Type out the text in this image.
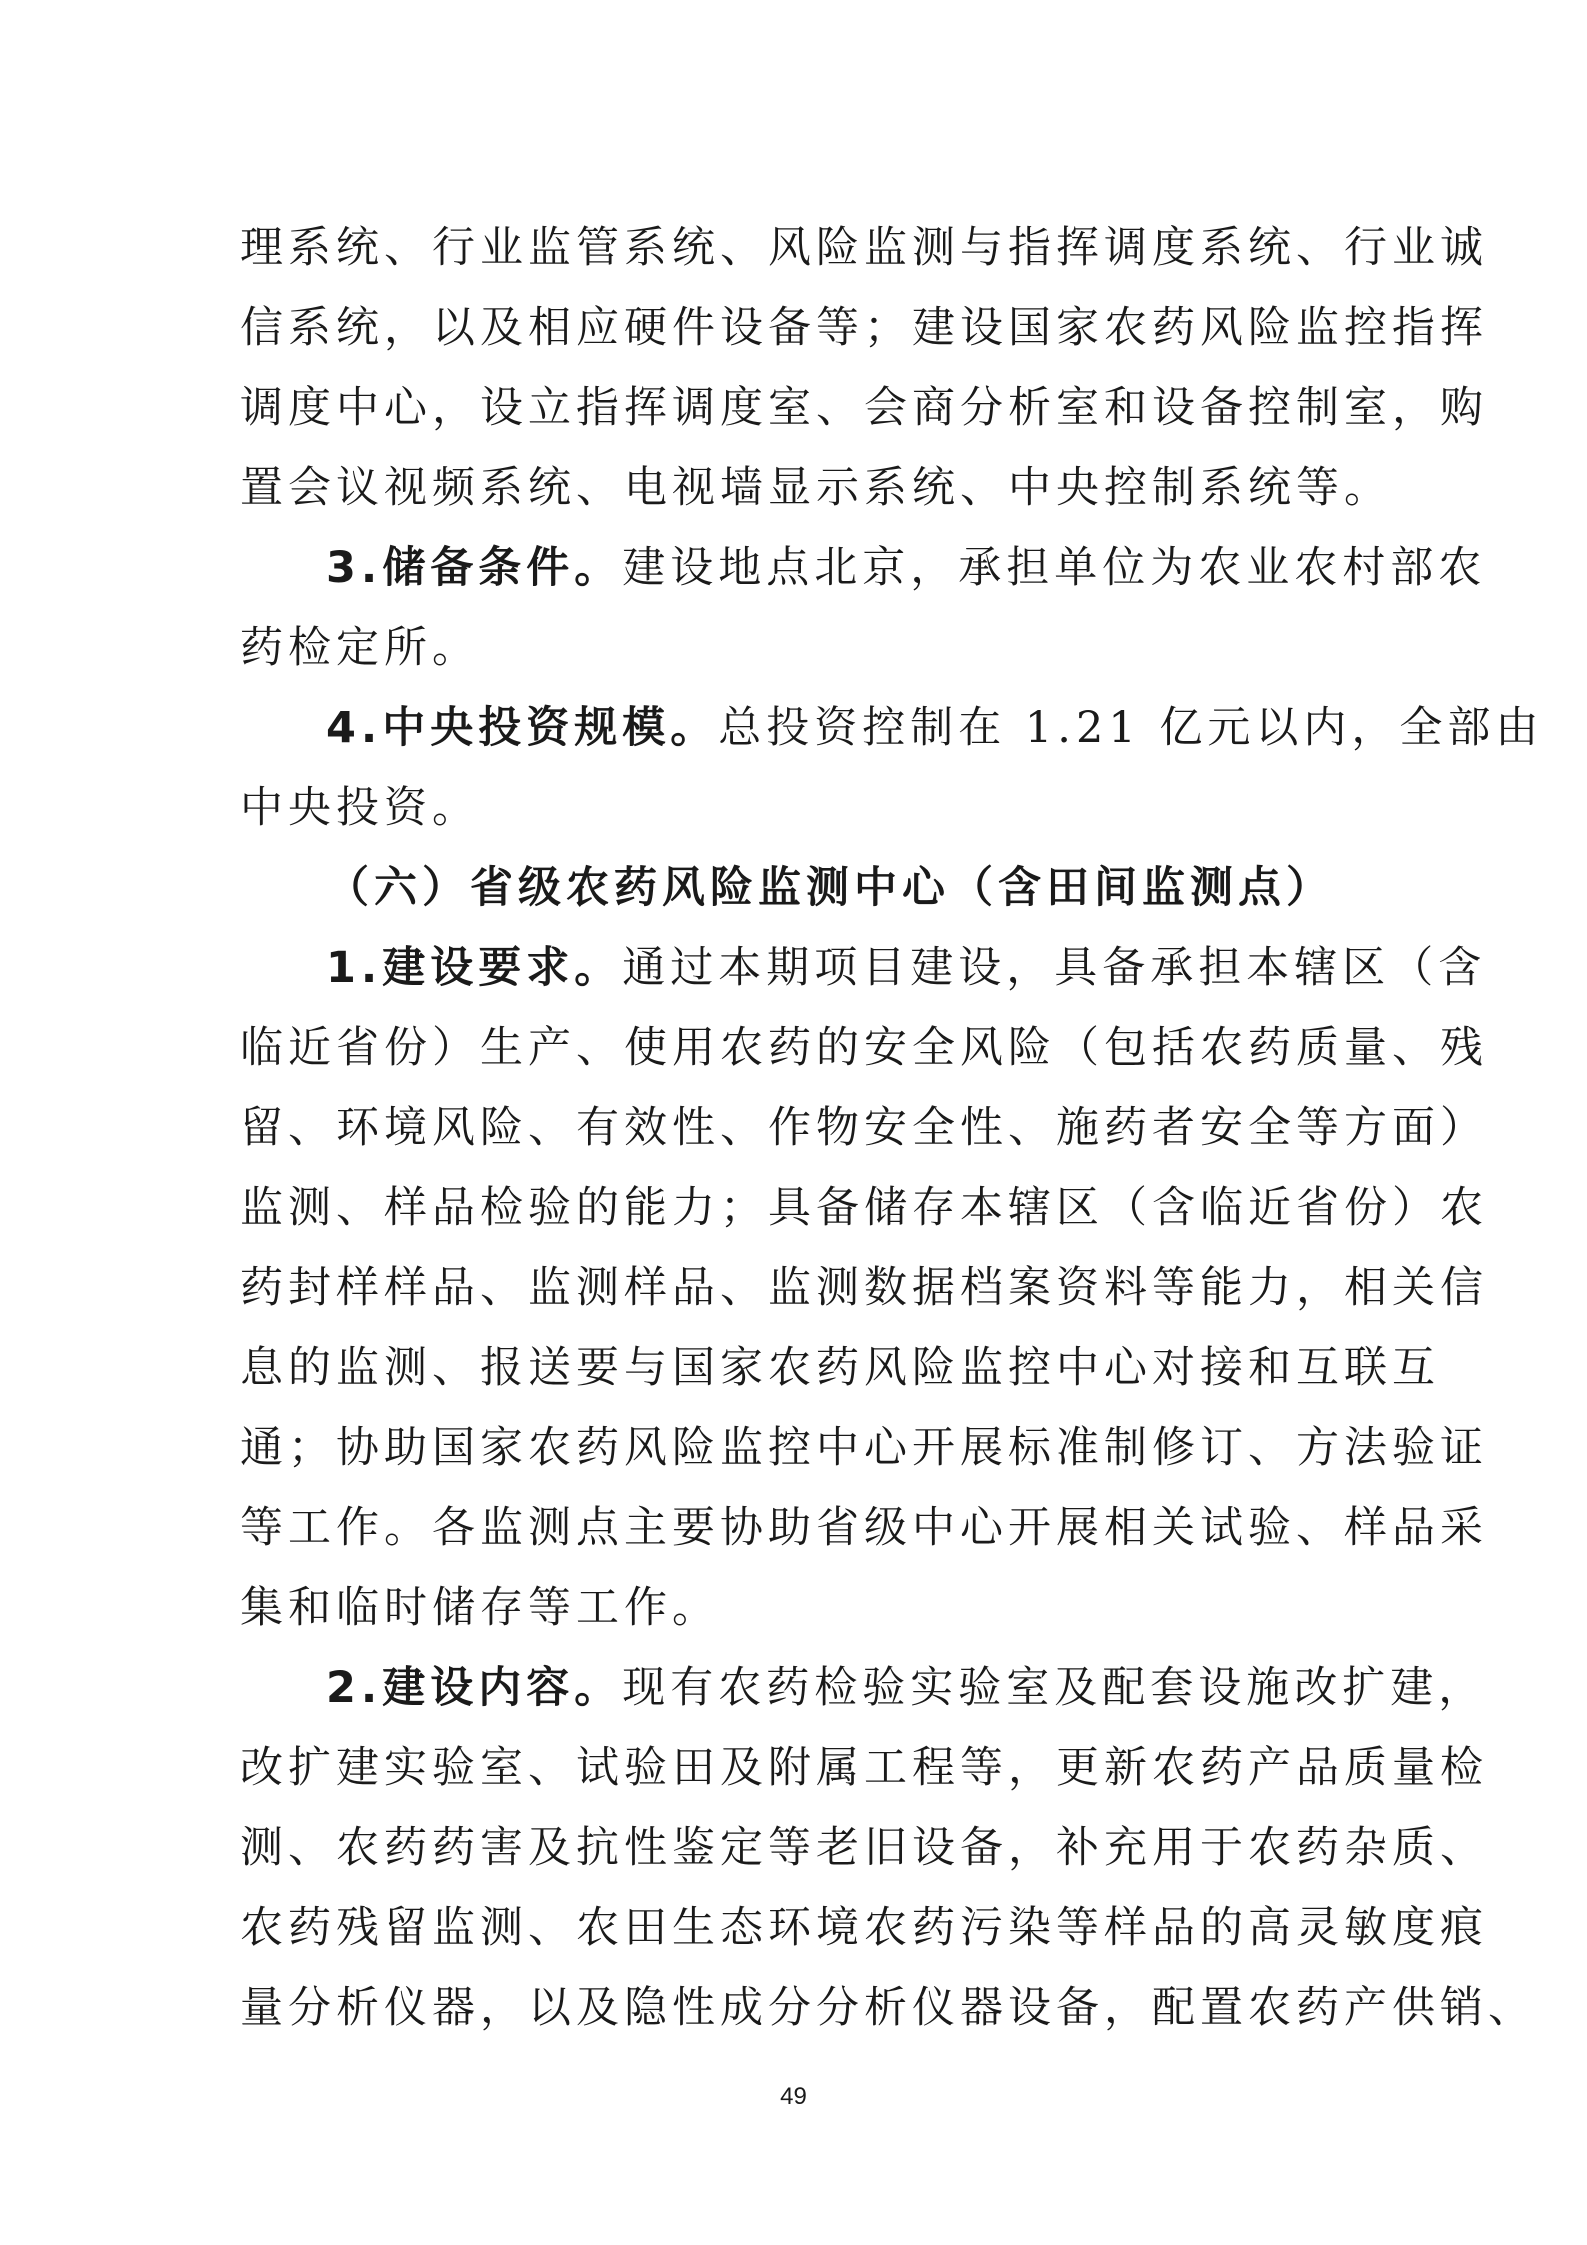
理系统、行业监管系统、风险监测与指挥调度系统、行业诚
信系统，以及相应硬件设备等；建设国家农药风险监控指挥
调度中心，设立指挥调度室、会商分析室和设备控制室，购
置会议视频系统、电视墙显示系统、中央控制系统等。
3.储备条件。建设地点北京，承担单位为农业农村部农
药检定所。
4.中央投资规模。总投资控制在 1.21 亿元以内，全部由
中央投资。
（六）省级农药风险监测中心（含田间监测点）
1.建设要求。通过本期项目建设，具备承担本辖区（含
临近省份）生产、使用农药的安全风险（包括农药质量、残
留、环境风险、有效性、作物安全性、施药者安全等方面）
监测、样品检验的能力；具备储存本辖区（含临近省份）农
药封样样品、监测样品、监测数据档案资料等能力，相关信
息的监测、报送要与国家农药风险监控中心对接和互联互
通；协助国家农药风险监控中心开展标准制修订、方法验证
等工作。各监测点主要协助省级中心开展相关试验、样品采
集和临时储存等工作。
2.建设内容。现有农药检验实验室及配套设施改扩建，
改扩建实验室、试验田及附属工程等，更新农药产品质量检
测、农药药害及抗性鉴定等老旧设备，补充用于农药杂质、
农药残留监测、农田生态环境农药污染等样品的高灵敏度痕
量分析仪器，以及隐性成分分析仪器设备，配置农药产供销、
49
